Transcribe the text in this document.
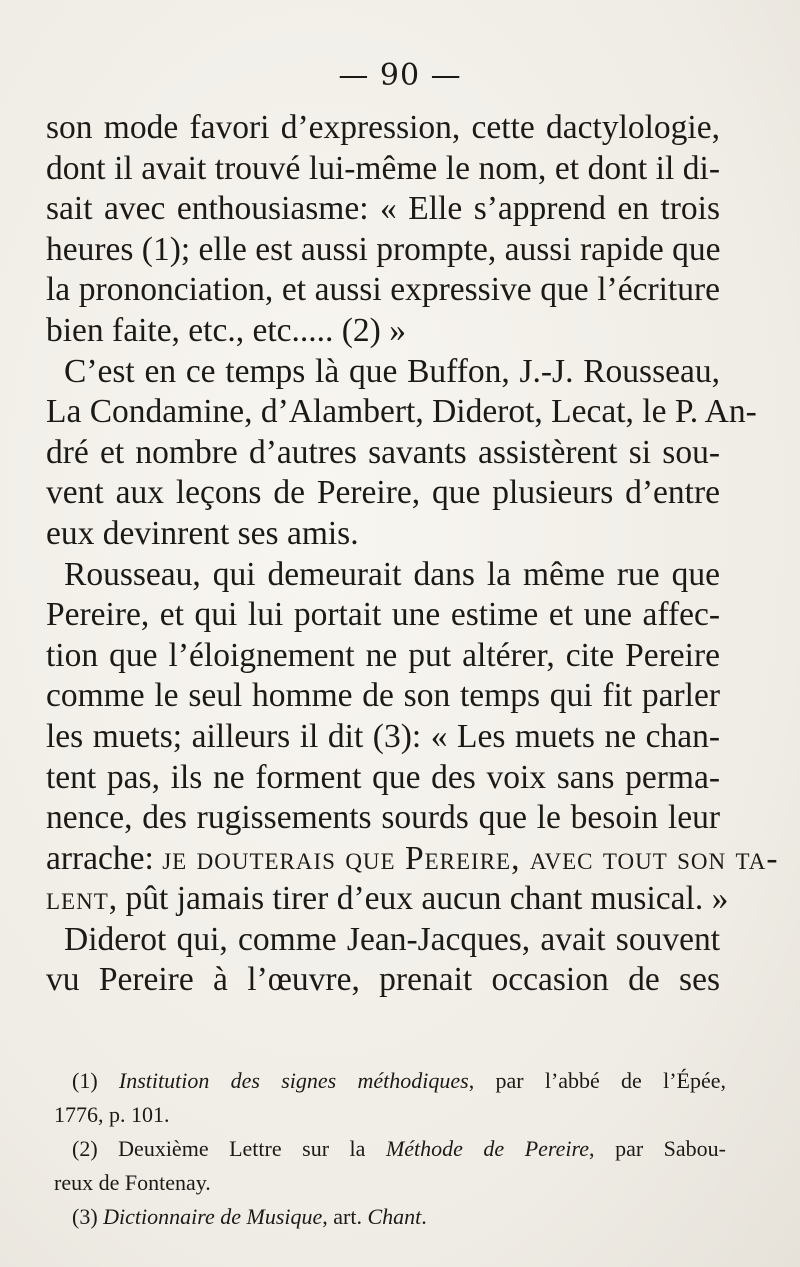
— 90 —
son mode favori d’expression, cette dactylologie,
dont il avait trouvé lui-même le nom, et dont il di-
sait avec enthousiasme: « Elle s’apprend en trois
heures (1); elle est aussi prompte, aussi rapide que
la prononciation, et aussi expressive que l’écriture
bien faite, etc., etc..... (2) »
C’est en ce temps là que Buffon, J.-J. Rousseau,
La Condamine, d’Alambert, Diderot, Lecat, le P. An-
dré et nombre d’autres savants assistèrent si sou-
vent aux leçons de Pereire, que plusieurs d’entre
eux devinrent ses amis.
Rousseau, qui demeurait dans la même rue que
Pereire, et qui lui portait une estime et une affec-
tion que l’éloignement ne put altérer, cite Pereire
comme le seul homme de son temps qui fit parler
les muets; ailleurs il dit (3): « Les muets ne chan-
tent pas, ils ne forment que des voix sans perma-
nence, des rugissements sourds que le besoin leur
arrache: je douterais que Pereire, avec tout son ta-
lent, pût jamais tirer d’eux aucun chant musical. »
Diderot qui, comme Jean-Jacques, avait souvent
vu Pereire à l’œuvre, prenait occasion de ses
(1) Institution des signes méthodiques, par l’abbé de l’Épée,
1776, p. 101.
(2) Deuxième Lettre sur la Méthode de Pereire, par Sabou-
reux de Fontenay.
(3) Dictionnaire de Musique, art. Chant.
